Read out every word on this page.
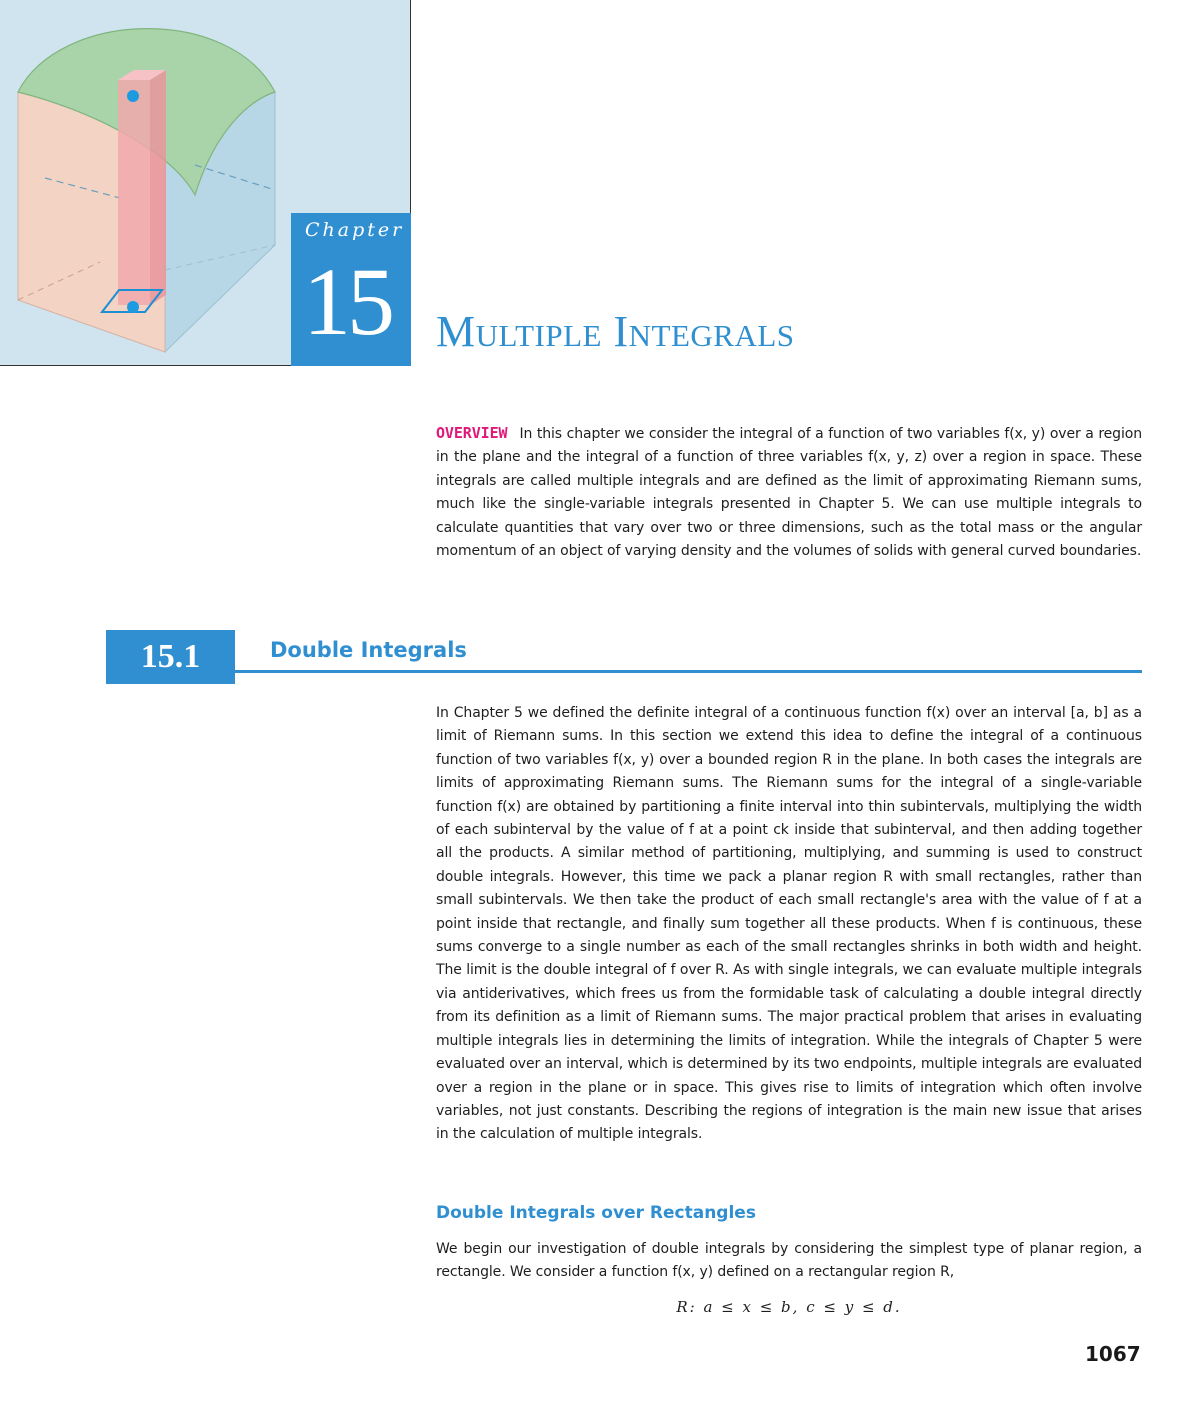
Chapter
15 Multiple Integrals
OVERVIEW In this chapter we consider the integral of a function of two variables f(x, y) over a region in the plane and the integral of a function of three variables f(x, y, z) over a region in space. These integrals are called multiple integrals and are defined as the limit of approximating Riemann sums, much like the single-variable integrals presented in Chapter 5. We can use multiple integrals to calculate quantities that vary over two or three dimensions, such as the total mass or the angular momentum of an object of varying density and the volumes of solids with general curved boundaries.
15.1	Double Integrals
In Chapter 5 we defined the definite integral of a continuous function f(x) over an interval [a, b] as a limit of Riemann sums. In this section we extend this idea to define the integral of a continuous function of two variables f(x, y) over a bounded region R in the plane. In both cases the integrals are limits of approximating Riemann sums. The Riemann sums for the integral of a single-variable function f(x) are obtained by partitioning a finite interval into thin subintervals, multiplying the width of each subinterval by the value of f at a point ck inside that subinterval, and then adding together all the products. A similar method of partitioning, multiplying, and summing is used to construct double integrals. However, this time we pack a planar region R with small rectangles, rather than small subintervals. We then take the product of each small rectangle's area with the value of f at a point inside that rectangle, and finally sum together all these products. When f is continuous, these sums converge to a single number as each of the small rectangles shrinks in both width and height. The limit is the double integral of f over R. As with single integrals, we can evaluate multiple integrals via antiderivatives, which frees us from the formidable task of calculating a double integral directly from its definition as a limit of Riemann sums. The major practical problem that arises in evaluating multiple integrals lies in determining the limits of integration. While the integrals of Chapter 5 were evaluated over an interval, which is determined by its two endpoints, multiple integrals are evaluated over a region in the plane or in space. This gives rise to limits of integration which often involve variables, not just constants. Describing the regions of integration is the main new issue that arises in the calculation of multiple integrals.
Double Integrals over Rectangles
We begin our investigation of double integrals by considering the simplest type of planar region, a rectangle. We consider a function f(x, y) defined on a rectangular region R,
R: a ≤ x ≤ b, c ≤ y ≤ d.
1067
